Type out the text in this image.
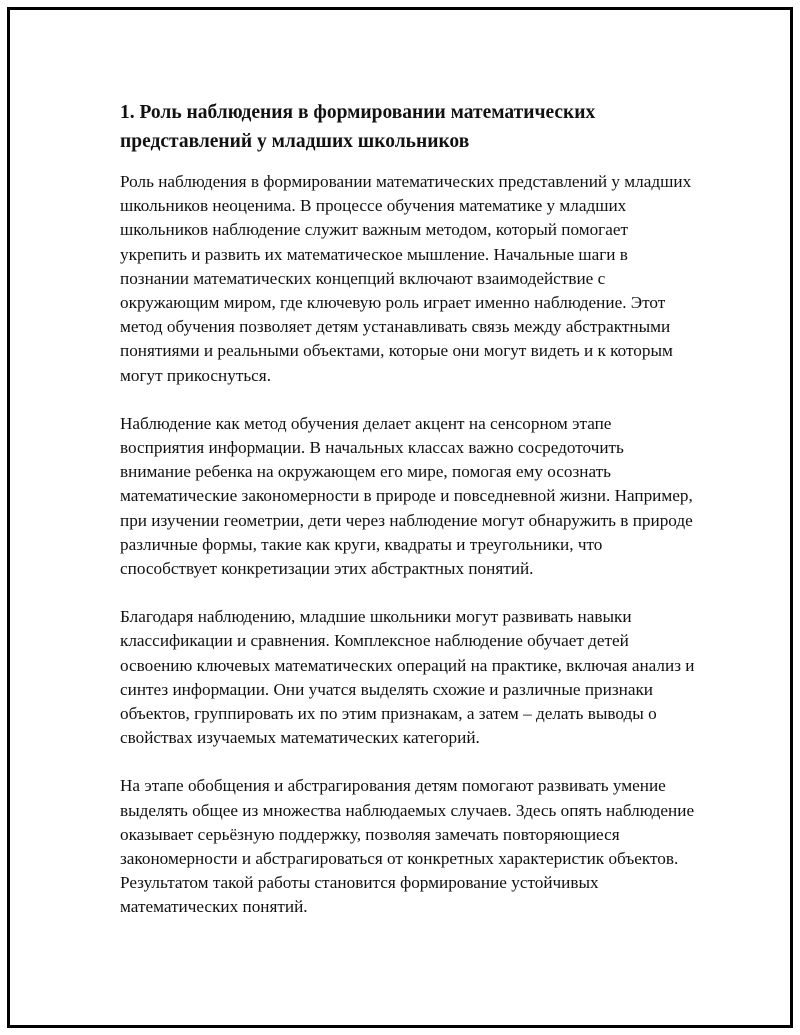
1. Роль наблюдения в формировании математических представлений у младших школьников

Роль наблюдения в формировании математических представлений у младших школьников неоценима. В процессе обучения математике у младших школьников наблюдение служит важным методом, который помогает укрепить и развить их математическое мышление. Начальные шаги в познании математических концепций включают взаимодействие с окружающим миром, где ключевую роль играет именно наблюдение. Этот метод обучения позволяет детям устанавливать связь между абстрактными понятиями и реальными объектами, которые они могут видеть и к которым могут прикоснуться.

Наблюдение как метод обучения делает акцент на сенсорном этапе восприятия информации. В начальных классах важно сосредоточить внимание ребенка на окружающем его мире, помогая ему осознать математические закономерности в природе и повседневной жизни. Например, при изучении геометрии, дети через наблюдение могут обнаружить в природе различные формы, такие как круги, квадраты и треугольники, что способствует конкретизации этих абстрактных понятий.

Благодаря наблюдению, младшие школьники могут развивать навыки классификации и сравнения. Комплексное наблюдение обучает детей освоению ключевых математических операций на практике, включая анализ и синтез информации. Они учатся выделять схожие и различные признаки объектов, группировать их по этим признакам, а затем – делать выводы о свойствах изучаемых математических категорий.

На этапе обобщения и абстрагирования детям помогают развивать умение выделять общее из множества наблюдаемых случаев. Здесь опять наблюдение оказывает серьёзную поддержку, позволяя замечать повторяющиеся закономерности и абстрагироваться от конкретных характеристик объектов. Результатом такой работы становится формирование устойчивых математических понятий.
